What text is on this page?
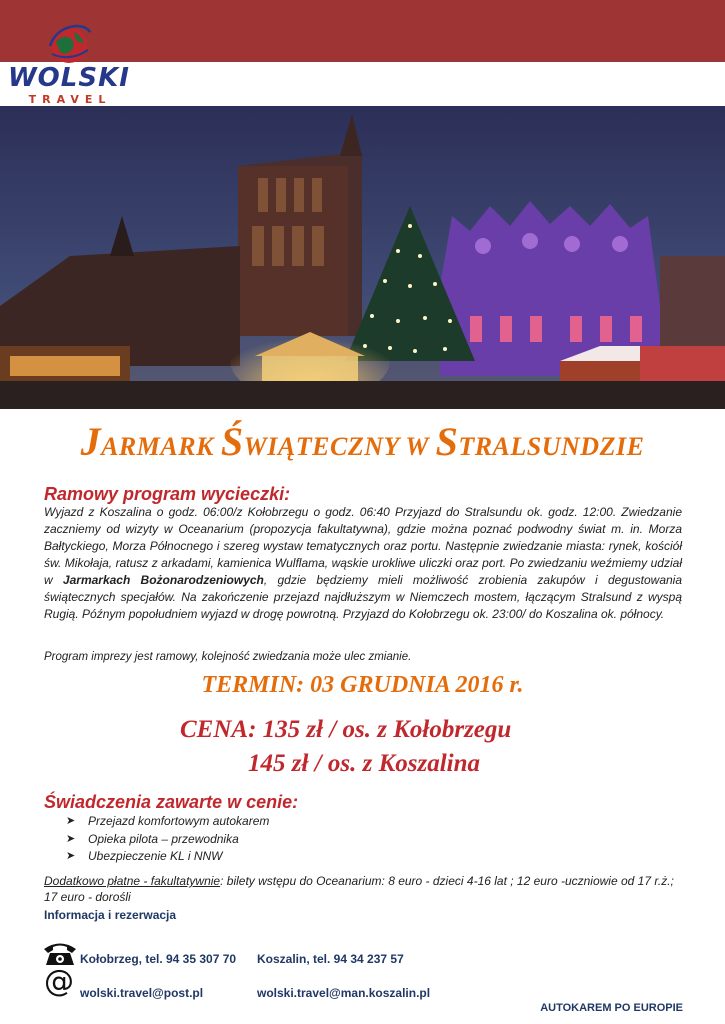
WOLSKI
TRAVEL
JARMARK ŚWIĄTECZNY W STRALSUNDZIE
Ramowy program wycieczki:
Wyjazd z Koszalina o godz. 06:00/z Kołobrzegu o godz. 06:40 Przyjazd do Stralsundu ok. godz. 12:00. Zwiedzanie zaczniemy od wizyty w Oceanarium (propozycja fakultatywna), gdzie można poznać podwodny świat m. in. Morza Bałtyckiego, Morza Północnego i szereg wystaw tematycznych oraz portu. Następnie zwiedzanie miasta: rynek, kościół św. Mikołaja, ratusz z arkadami, kamienica Wulflama, wąskie urokliwe uliczki oraz port. Po zwiedzaniu weźmiemy udział w Jarmarkach Bożonarodzeniowych, gdzie będziemy mieli możliwość zrobienia zakupów i degustowania świątecznych specjałów. Na zakończenie przejazd najdłuższym w Niemczech mostem, łączącym Stralsund z wyspą Rugią. Późnym popołudniem wyjazd w drogę powrotną. Przyjazd do Kołobrzegu ok. 23:00/ do Koszalina ok. północy.
Program imprezy jest ramowy, kolejność zwiedzania może ulec zmianie.
TERMIN: 03 GRUDNIA 2016 r.
CENA: 135 zł / os. z Kołobrzegu
145 zł / os. z Koszalina
Świadczenia zawarte w cenie:
➤	Przejazd komfortowym autokarem
➤	Opieka pilota – przewodnika
➤	Ubezpieczenie KL i NNW
Dodatkowo płatne - fakultatywnie: bilety wstępu do Oceanarium: 8 euro - dzieci 4-16 lat ; 12 euro -uczniowie od 17 r.ż.; 17 euro - dorośli
Informacja i rezerwacja
Kołobrzeg, tel. 94 35 307 70 Koszalin, tel. 94 34 237 57
@ wolski.travel@post.pl	wolski.travel@man.koszalin.pl
AUTOKAREM PO EUROPIE
